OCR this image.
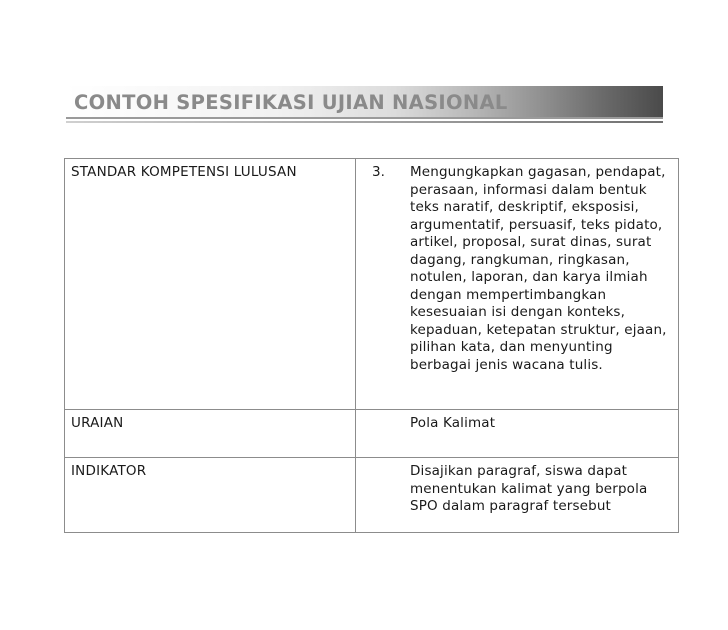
CONTOH SPESIFIKASI UJIAN NASIONAL
STANDAR KOMPETENSI LULUSAN	3. Mengungkapkan gagasan, pendapat, perasaan, informasi dalam bentuk teks naratif, deskriptif, eksposisi, argumentatif, persuasif, teks pidato, artikel, proposal, surat dinas, surat dagang, rangkuman, ringkasan, notulen, laporan, dan karya ilmiah dengan mempertimbangkan kesesuaian isi dengan konteks, kepaduan, ketepatan struktur, ejaan, pilihan kata, dan menyunting berbagai jenis wacana tulis.

URAIAN	Pola Kalimat

INDIKATOR	Disajikan paragraf, siswa dapat menentukan kalimat yang berpola SPO dalam paragraf tersebut
